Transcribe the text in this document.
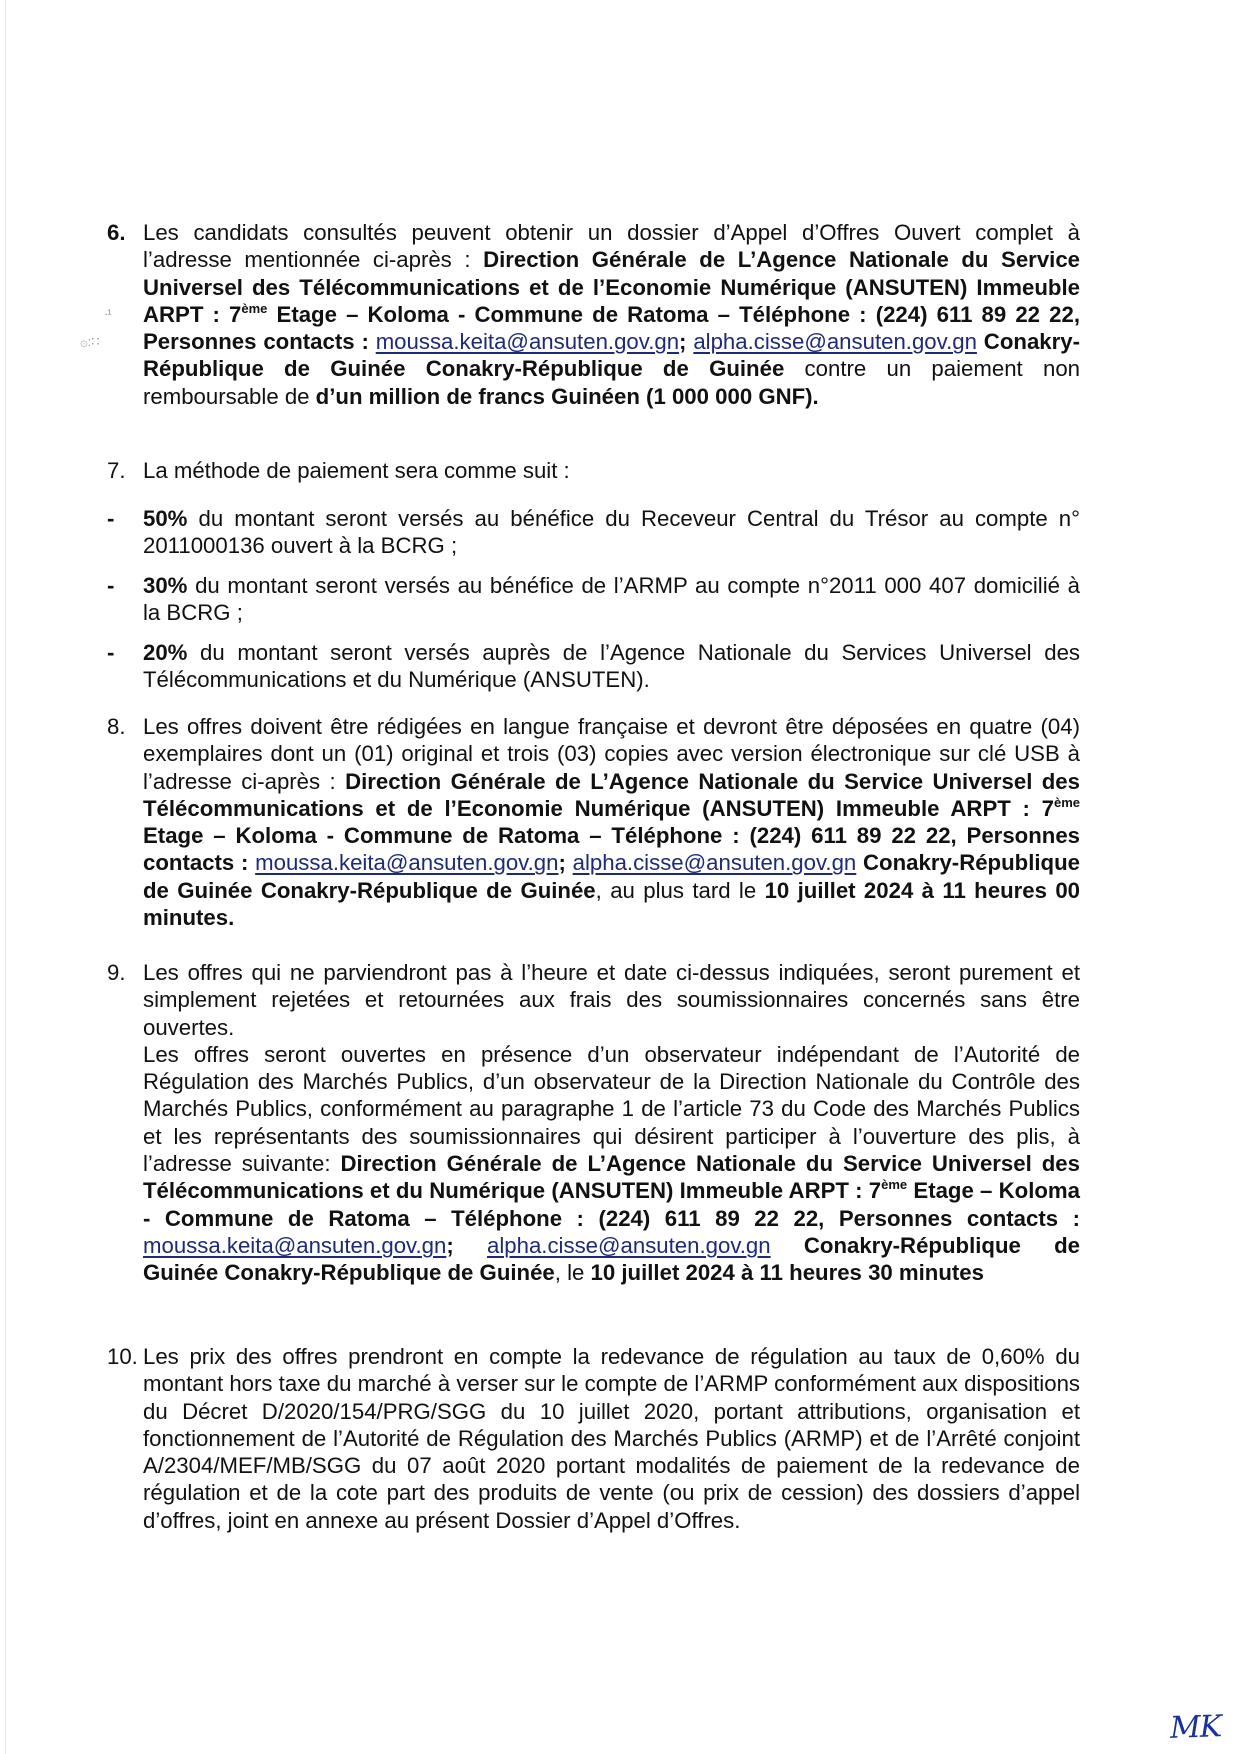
·¹
۞:∷
6. Les candidats consultés peuvent obtenir un dossier d’Appel d’Offres Ouvert complet à l’adresse mentionnée ci-après : Direction Générale de L’Agence Nationale du Service Universel des Télécommunications et de l’Economie Numérique (ANSUTEN) Immeuble ARPT : 7ème Etage – Koloma - Commune de Ratoma – Téléphone : (224) 611 89 22 22, Personnes contacts : moussa.keita@ansuten.gov.gn; alpha.cisse@ansuten.gov.gn Conakry-République de Guinée Conakry-République de Guinée contre un paiement non remboursable de d’un million de francs Guinéen (1 000 000 GNF).
7. La méthode de paiement sera comme suit :
- 50% du montant seront versés au bénéfice du Receveur Central du Trésor au compte n° 2011000136 ouvert à la BCRG ;
- 30% du montant seront versés au bénéfice de l’ARMP au compte n°2011 000 407 domicilié à la BCRG ;
- 20% du montant seront versés auprès de l’Agence Nationale du Services Universel des Télécommunications et du Numérique (ANSUTEN).
8. Les offres doivent être rédigées en langue française et devront être déposées en quatre (04) exemplaires dont un (01) original et trois (03) copies avec version électronique sur clé USB à l’adresse ci-après : Direction Générale de L’Agence Nationale du Service Universel des Télécommunications et de l’Economie Numérique (ANSUTEN) Immeuble ARPT : 7ème Etage – Koloma - Commune de Ratoma – Téléphone : (224) 611 89 22 22, Personnes contacts : moussa.keita@ansuten.gov.gn; alpha.cisse@ansuten.gov.gn Conakry-République de Guinée Conakry-République de Guinée, au plus tard le 10 juillet 2024 à 11 heures 00 minutes.
9. Les offres qui ne parviendront pas à l’heure et date ci-dessus indiquées, seront purement et simplement rejetées et retournées aux frais des soumissionnaires concernés sans être ouvertes.

Les offres seront ouvertes en présence d’un observateur indépendant de l’Autorité de Régulation des Marchés Publics, d’un observateur de la Direction Nationale du Contrôle des Marchés Publics, conformément au paragraphe 1 de l’article 73 du Code des Marchés Publics et les représentants des soumissionnaires qui désirent participer à l’ouverture des plis, à l’adresse suivante: Direction Générale de L’Agence Nationale du Service Universel des Télécommunications et du Numérique (ANSUTEN) Immeuble ARPT : 7ème Etage – Koloma - Commune de Ratoma – Téléphone : (224) 611 89 22 22, Personnes contacts : moussa.keita@ansuten.gov.gn; alpha.cisse@ansuten.gov.gn Conakry-République de Guinée Conakry-République de Guinée, le 10 juillet 2024 à 11 heures 30 minutes

10. Les prix des offres prendront en compte la redevance de régulation au taux de 0,60% du montant hors taxe du marché à verser sur le compte de l’ARMP conformément aux dispositions du Décret D/2020/154/PRG/SGG du 10 juillet 2020, portant attributions, organisation et fonctionnement de l’Autorité de Régulation des Marchés Publics (ARMP) et de l’Arrêté conjoint A/2304/MEF/MB/SGG du 07 août 2020 portant modalités de paiement de la redevance de régulation et de la cote part des produits de vente (ou prix de cession) des dossiers d’appel d’offres, joint en annexe au présent Dossier d’Appel d’Offres.
MK
